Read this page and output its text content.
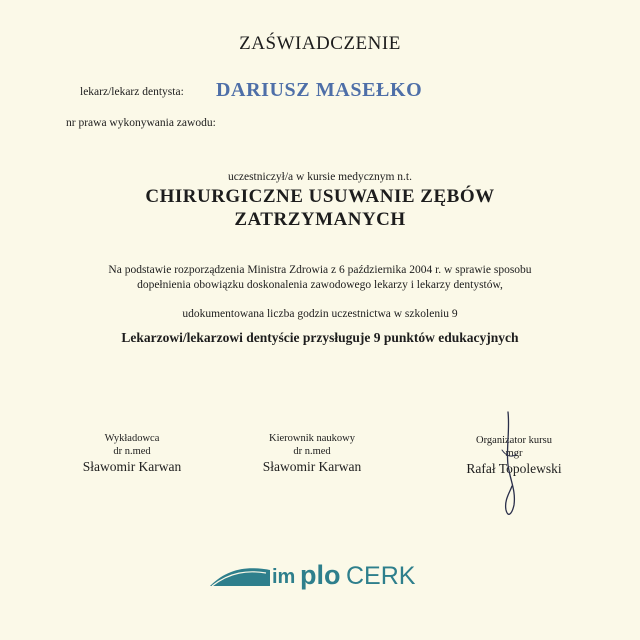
ZAŚWIADCZENIE
lekarz/lekarz dentysta: DARIUSZ MASEŁKO
nr prawa wykonywania zawodu:
uczestniczył/a w kursie medycznym n.t.
CHIRURGICZNE USUWANIE ZĘBÓW
ZATRZYMANYCH
Na podstawie rozporządzenia Ministra Zdrowia z 6 października 2004 r. w sprawie sposobu
dopełnienia obowiązku doskonalenia zawodowego lekarzy i lekarzy dentystów,
udokumentowana liczba godzin uczestnictwa w szkoleniu 9
Lekarzowi/lekarzowi dentyście przysługuje 9 punktów edukacyjnych
Wykładowca
dr n.med
Sławomir Karwan
Kierownik naukowy
dr n.med
Sławomir Karwan
Organizator kursu
mgr
Rafał Topolewski
im plo CERK
